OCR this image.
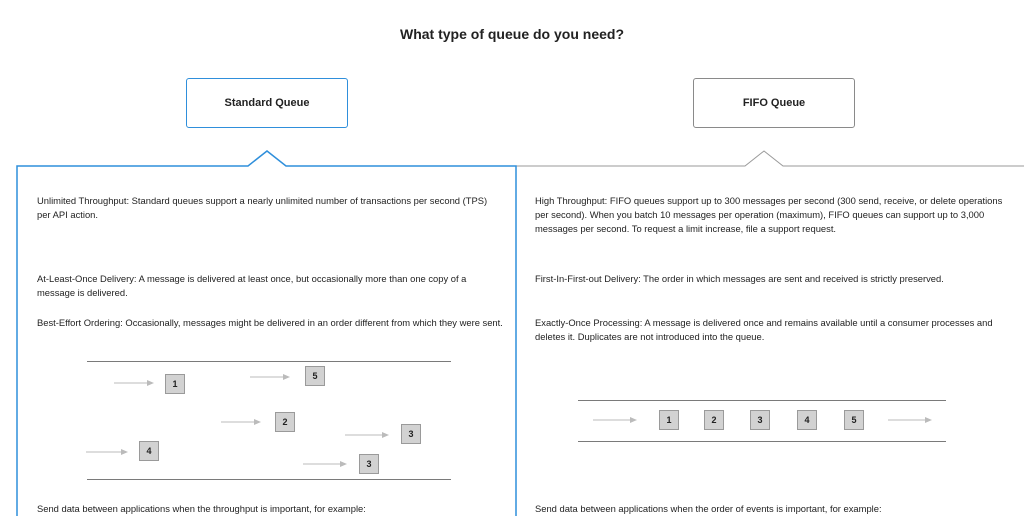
What type of queue do you need?
Standard Queue	FIFO Queue

Unlimited Throughput: Standard queues support a nearly unlimited number of transactions per second (TPS) per API action.

At-Least-Once Delivery: A message is delivered at least once, but occasionally more than one copy of a message is delivered.

Best-Effort Ordering: Occasionally, messages might be delivered in an order different from which they were sent.

1
5
2
3
4
3
Send data between applications when the throughput is important, for example:

High Throughput: FIFO queues support up to 300 messages per second (300 send, receive, or delete operations per second). When you batch 10 messages per operation (maximum), FIFO queues can support up to 3,000 messages per second. To request a limit increase, file a support request.

First-In-First-out Delivery: The order in which messages are sent and received is strictly preserved.

Exactly-Once Processing: A message is delivered once and remains available until a consumer processes and deletes it. Duplicates are not introduced into the queue.

1	2	3	4	5
Send data between applications when the order of events is important, for example:
